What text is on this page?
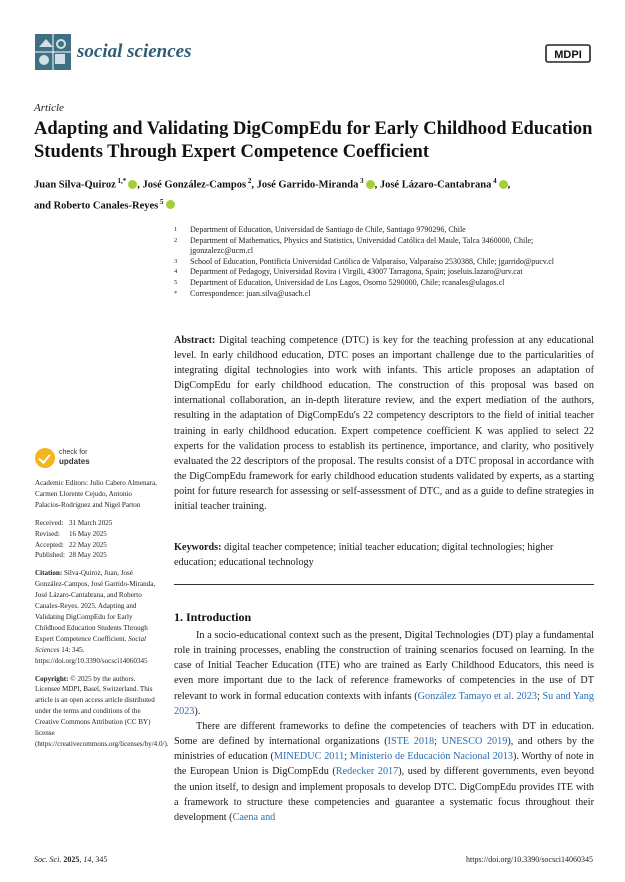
social sciences	MDPI
Article
Adapting and Validating DigCompEdu for Early Childhood Education Students Through Expert Competence Coefficient
Juan Silva-Quiroz $^{1,*}$ , José González-Campos $^2$, José Garrido-Miranda $^3$ , José Lázaro-Cantabrana $^4$ ,
and Roberto Canales-Reyes $^5$
1	Department of Education, Universidad de Santiago de Chile, Santiago 9790296, Chile
2	Department of Mathematics, Physics and Statistics, Universidad Católica del Maule, Talca 3460000, Chile; jgonzalezc@ucm.cl
3	School of Education, Pontificia Universidad Católica de Valparaíso, Valparaíso 2530388, Chile; jgarrido@pucv.cl
4	Department of Pedagogy, Universidad Rovira i Virgili, 43007 Tarragona, Spain; joseluis.lazaro@urv.cat
5	Department of Education, Universidad de Los Lagos, Osorno 5290000, Chile; rcanales@ulagos.cl
*	Correspondence: juan.silva@usach.cl
Abstract: Digital teaching competence (DTC) is key for the teaching profession at any educational level. In early childhood education, DTC poses an important challenge due to the particularities of integrating digital technologies into work with infants. This article proposes an adaptation of DigCompEdu for early childhood education. The construction of this proposal was based on international collaboration, an in-depth literature review, and the expert mediation of the authors, resulting in the adaptation of DigCompEdu's 22 competency descriptors to the field of initial teacher training in early childhood education. Expert competence coefficient K was applied to select 22 experts for the validation process to establish its pertinence, importance, and clarity, who positively evaluated the 22 descriptors of the proposal. The results consist of a DTC proposal in accordance with the DigCompEdu framework for early childhood education students validated by experts, as a starting point for future research for assessing or self-assessment of DTC, and as a guide to define strategies in initial teacher training.
Keywords: digital teacher competence; initial teacher education; digital technologies; higher education; educational technology
1. Introduction

In a socio-educational context such as the present, Digital Technologies (DT) play a fundamental role in training processes, enabling the construction of training scenarios focused on learning. In the case of Initial Teacher Education (ITE) who are trained as Early Childhood Educators, this need is even more important due to the lack of reference frameworks of competencies in the use of DT relevant to work in formal education contexts with infants (González Tamayo et al. 2023; Su and Yang 2023).

There are different frameworks to define the competencies of teachers with DT in education. Some are defined by international organizations (ISTE 2018; UNESCO 2019), and others by the ministries of education (MINEDUC 2011; Ministerio de Educación Nacional 2013). Worthy of note in the European Union is DigCompEdu (Redecker 2017), used by different governments, even beyond the union itself, to design and implement proposals to develop DTC. DigCompEdu provides ITE with a framework to structure these competencies and guarantee a systematic focus throughout their development (Caena and

check for
updates

Academic Editors: Julio Cabero Almenara, Carmen Llorente Cejudo, Antonio Palacios-Rodríguez and Nigel Parton

Received: 31 March 2025
Revised:	16 May 2025
Accepted: 22 May 2025
Published: 28 May 2025

Citation: Silva-Quiroz, Juan, José González-Campos, José Garrido-Miranda, José Lázaro-Cantabrana, and Roberto Canales-Reyes. 2025. Adapting and Validating DigCompEdu for Early Childhood Education Students Through Expert Competence Coefficient. Social Sciences 14: 345. https://doi.org/10.3390/socsci14060345

Copyright: © 2025 by the authors. Licensee MDPI, Basel, Switzerland. This article is an open access article distributed under the terms and conditions of the Creative Commons Attribution (CC BY) license (https://creativecommons.org/licenses/by/4.0/).

Soc. Sci. 2025, 14, 345	https://doi.org/10.3390/socsci14060345
